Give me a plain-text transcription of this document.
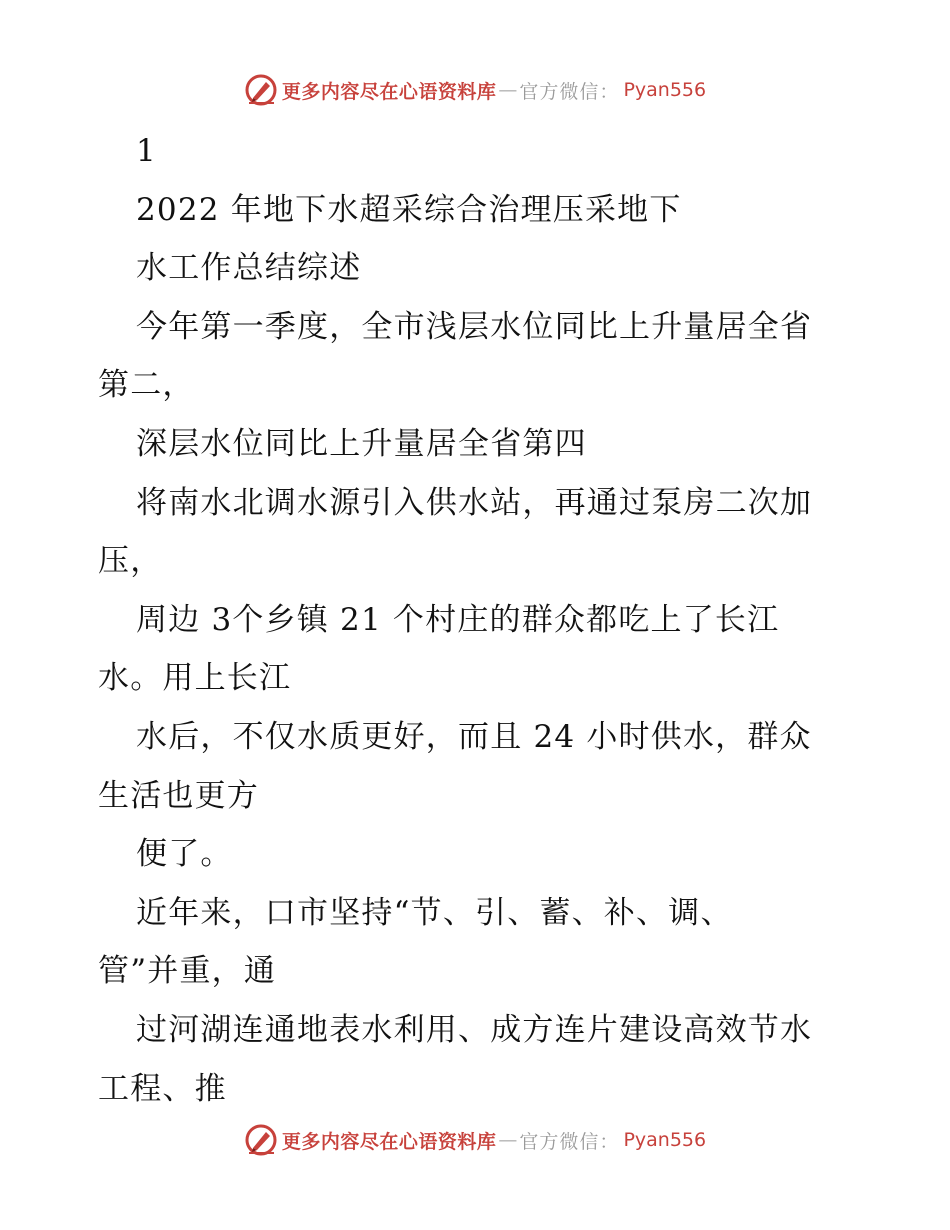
更多内容尽在心语资料库 — 官方微信： Pyan556
1
2022 年地下水超采综合治理压采地下
水工作总结综述
今年第一季度，全市浅层水位同比上升量居全省
第二，
深层水位同比上升量居全省第四
将南水北调水源引入供水站，再通过泵房二次加
压，
周边 3个乡镇 21 个村庄的群众都吃上了长江
水。用上长江
水后，不仅水质更好，而且 24 小时供水，群众
生活也更方
便了。
近年来，口市坚持“节、引、蓄、补、调、
管”并重，通
过河湖连通地表水利用、成方连片建设高效节水
工程、推
更多内容尽在心语资料库 — 官方微信： Pyan556
